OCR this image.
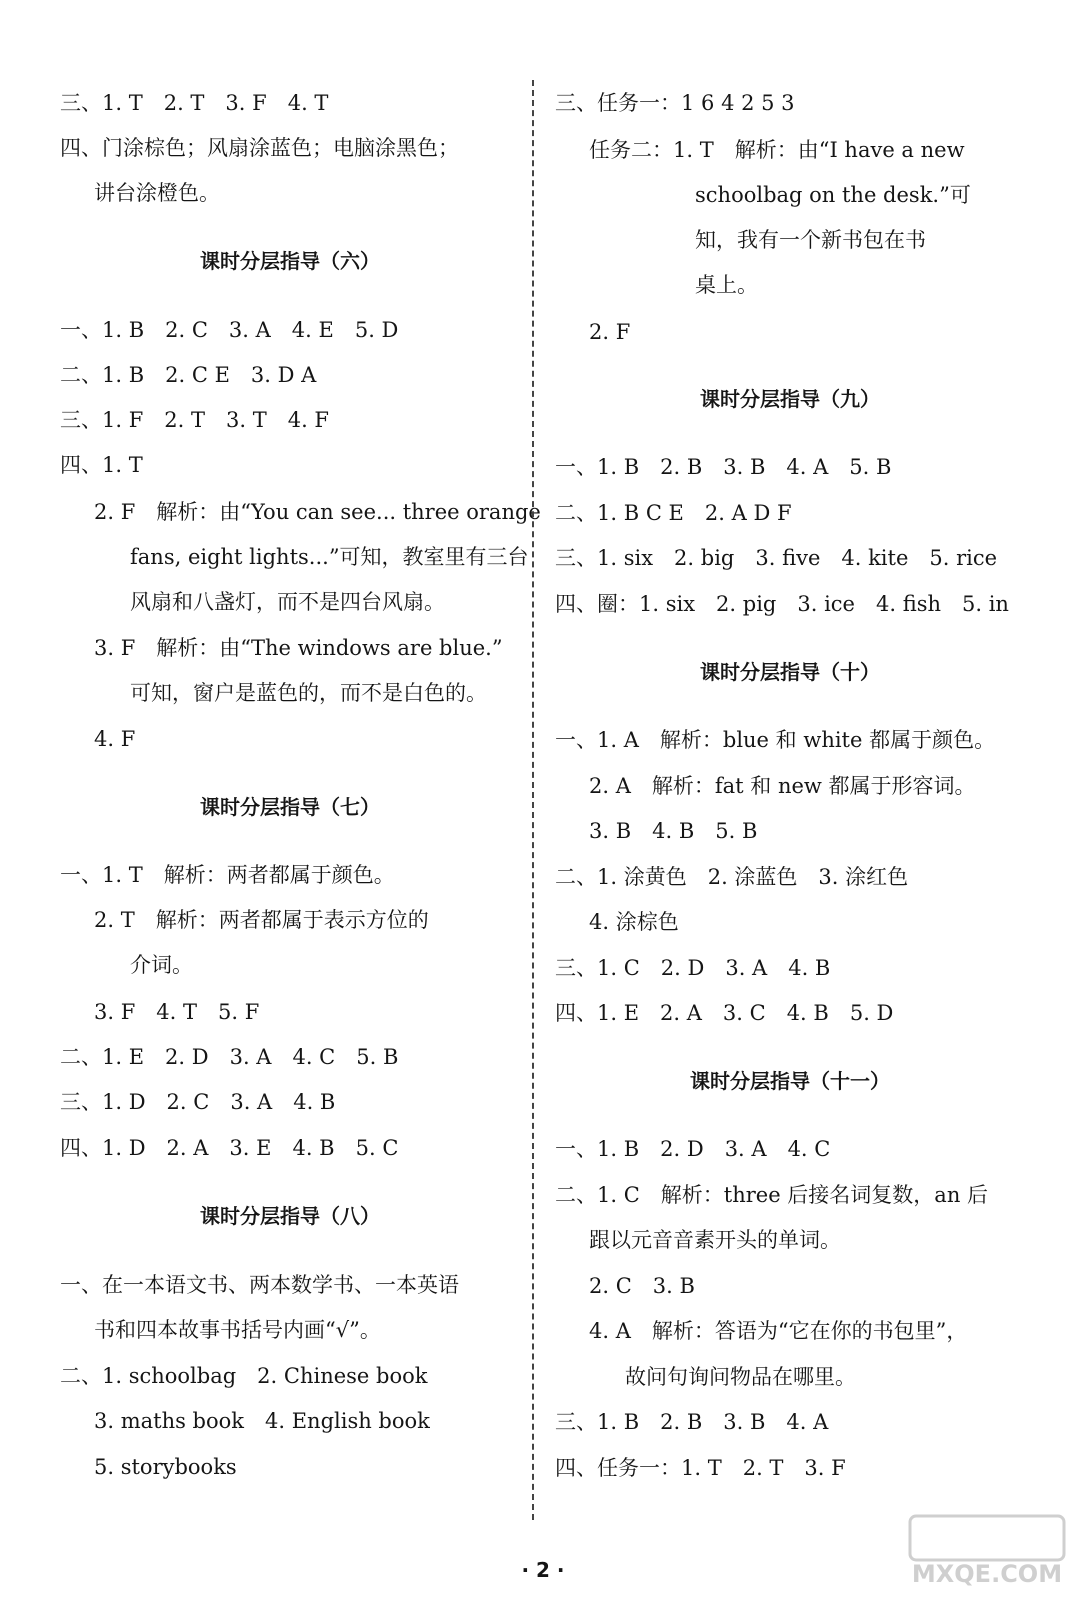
三、1. T　2. T　3. F　4. T
四、门涂棕色；风扇涂蓝色；电脑涂黑色；
讲台涂橙色。
课时分层指导（六）
一、1. B　2. C　3. A　4. E　5. D
二、1. B　2. C E　3. D A
三、1. F　2. T　3. T　4. F
四、1. T
2. F　解析：由“You can see... three orange
fans, eight lights...”可知，教室里有三台
风扇和八盏灯，而不是四台风扇。
3. F　解析：由“The windows are blue.”
可知，窗户是蓝色的，而不是白色的。
4. F
课时分层指导（七）
一、1. T　解析：两者都属于颜色。
2. T　解析：两者都属于表示方位的
介词。
3. F　4. T　5. F
二、1. E　2. D　3. A　4. C　5. B
三、1. D　2. C　3. A　4. B
四、1. D　2. A　3. E　4. B　5. C
课时分层指导（八）
一、在一本语文书、两本数学书、一本英语
书和四本故事书括号内画“√”。
二、1. schoolbag　2. Chinese book
3. maths book　4. English book
5. storybooks
三、任务一：1 6 4 2 5 3
任务二：1. T　解析：由“I have a new
schoolbag on the desk.”可
知，我有一个新书包在书
桌上。
2. F
课时分层指导（九）
一、1. B　2. B　3. B　4. A　5. B
二、1. B C E　2. A D F
三、1. six　2. big　3. five　4. kite　5. rice
四、圈：1. six　2. pig　3. ice　4. fish　5. in
课时分层指导（十）
一、1. A　解析：blue 和 white 都属于颜色。
2. A　解析：fat 和 new 都属于形容词。
3. B　4. B　5. B
二、1. 涂黄色　2. 涂蓝色　3. 涂红色
4. 涂棕色
三、1. C　2. D　3. A　4. B
四、1. E　2. A　3. C　4. B　5. D
课时分层指导（十一）
一、1. B　2. D　3. A　4. C
二、1. C　解析：three 后接名词复数，an 后
跟以元音音素开头的单词。
2. C　3. B
4. A　解析：答语为“它在你的书包里”，
故问句询问物品在哪里。
三、1. B　2. B　3. B　4. A
四、任务一：1. T　2. T　3. F
· 2 ·	MXQE.COM
